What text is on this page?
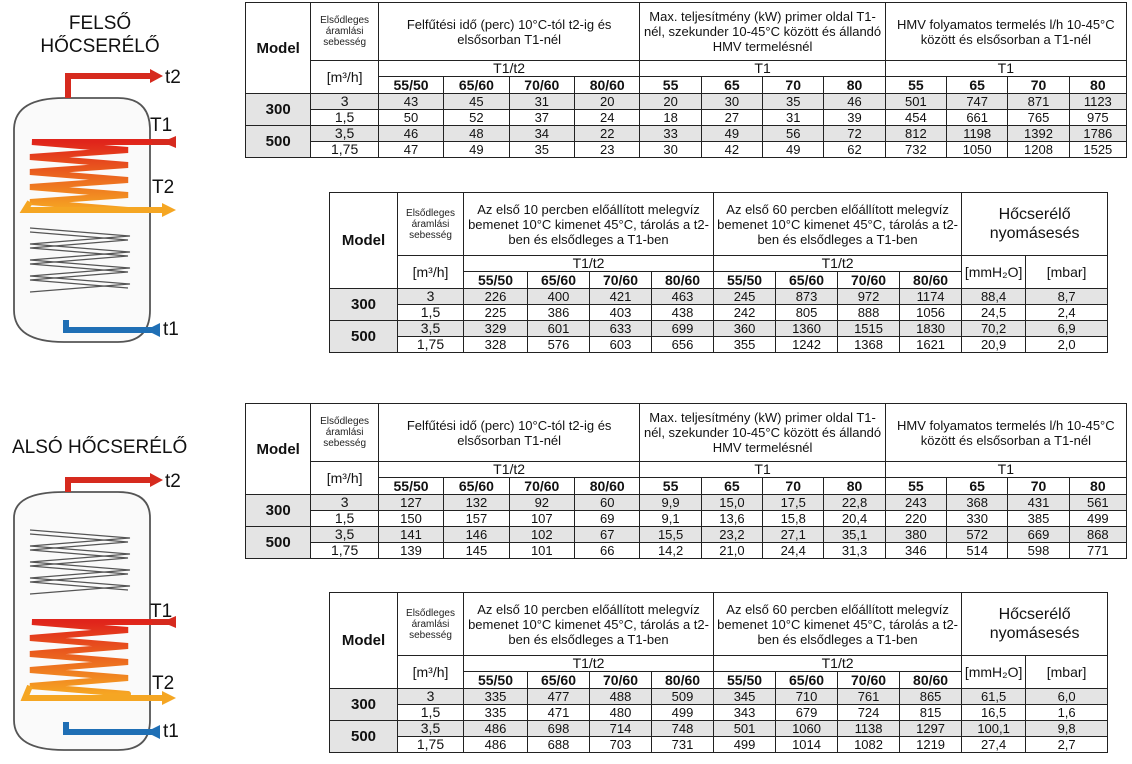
FELSŐ
HŐCSERÉLŐ
ALSÓ HŐCSERÉLŐ
t2
T1
T2
t1
t2
T1
T2
t1
Model	Elsődleges áramlási sebesség	Felfűtési idő (perc) 10°C-tól t2-ig és elsősorban T1-nél				Max. teljesítmény (kW) primer oldal T1-nél, szekunder 10-45°C között és állandó HMV termelésnél				HMV folyamatos termelés l/h 10-45°C között és elsősorban a T1-nél			
	[m³/h]	T1/t2				T1				T1			
		55/50	65/60	70/60	80/60	55	65	70	80	55	65	70	80
300	3	43	45	31	20	20	30	35	46	501	747	871	1123
	1,5	50	52	37	24	18	27	31	39	454	661	765	975
500	3,5	46	48	34	22	33	49	56	72	812	1198	1392	1786
	1,75	47	49	35	23	30	42	49	62	732	1050	1208	1525
Model	Elsődleges áramlási sebesség	Az első 10 percben előállított melegvíz bemenet 10°C kimenet 45°C, tárolás a t2-ben és elsődleges a T1-ben				Az első 60 percben előállított melegvíz bemenet 10°C kimenet 45°C, tárolás a t2-ben és elsődleges a T1-ben				Hőcserélő nyomásesés	
	[m³/h]	T1/t2				T1/t2				[mmH₂O]	[mbar]
		55/50	65/60	70/60	80/60	55/50	65/60	70/60	80/60		
300	3	226	400	421	463	245	873	972	1174	88,4	8,7
	1,5	225	386	403	438	242	805	888	1056	24,5	2,4
500	3,5	329	601	633	699	360	1360	1515	1830	70,2	6,9
	1,75	328	576	603	656	355	1242	1368	1621	20,9	2,0
Model	Elsődleges áramlási sebesség	Felfűtési idő (perc) 10°C-tól t2-ig és elsősorban T1-nél				Max. teljesítmény (kW) primer oldal T1-nél, szekunder 10-45°C között és állandó HMV termelésnél				HMV folyamatos termelés l/h 10-45°C között és elsősorban a T1-nél			
	[m³/h]	T1/t2				T1				T1			
		55/50	65/60	70/60	80/60	55	65	70	80	55	65	70	80
300	3	127	132	92	60	9,9	15,0	17,5	22,8	243	368	431	561
	1,5	150	157	107	69	9,1	13,6	15,8	20,4	220	330	385	499
500	3,5	141	146	102	67	15,5	23,2	27,1	35,1	380	572	669	868
	1,75	139	145	101	66	14,2	21,0	24,4	31,3	346	514	598	771
Model	Elsődleges áramlási sebesség	Az első 10 percben előállított melegvíz bemenet 10°C kimenet 45°C, tárolás a t2-ben és elsődleges a T1-ben				Az első 60 percben előállított melegvíz bemenet 10°C kimenet 45°C, tárolás a t2-ben és elsődleges a T1-ben				Hőcserélő nyomásesés	
	[m³/h]	T1/t2				T1/t2				[mmH₂O]	[mbar]
		55/50	65/60	70/60	80/60	55/50	65/60	70/60	80/60		
300	3	335	477	488	509	345	710	761	865	61,5	6,0
	1,5	335	471	480	499	343	679	724	815	16,5	1,6
500	3,5	486	698	714	748	501	1060	1138	1297	100,1	9,8
	1,75	486	688	703	731	499	1014	1082	1219	27,4	2,7
